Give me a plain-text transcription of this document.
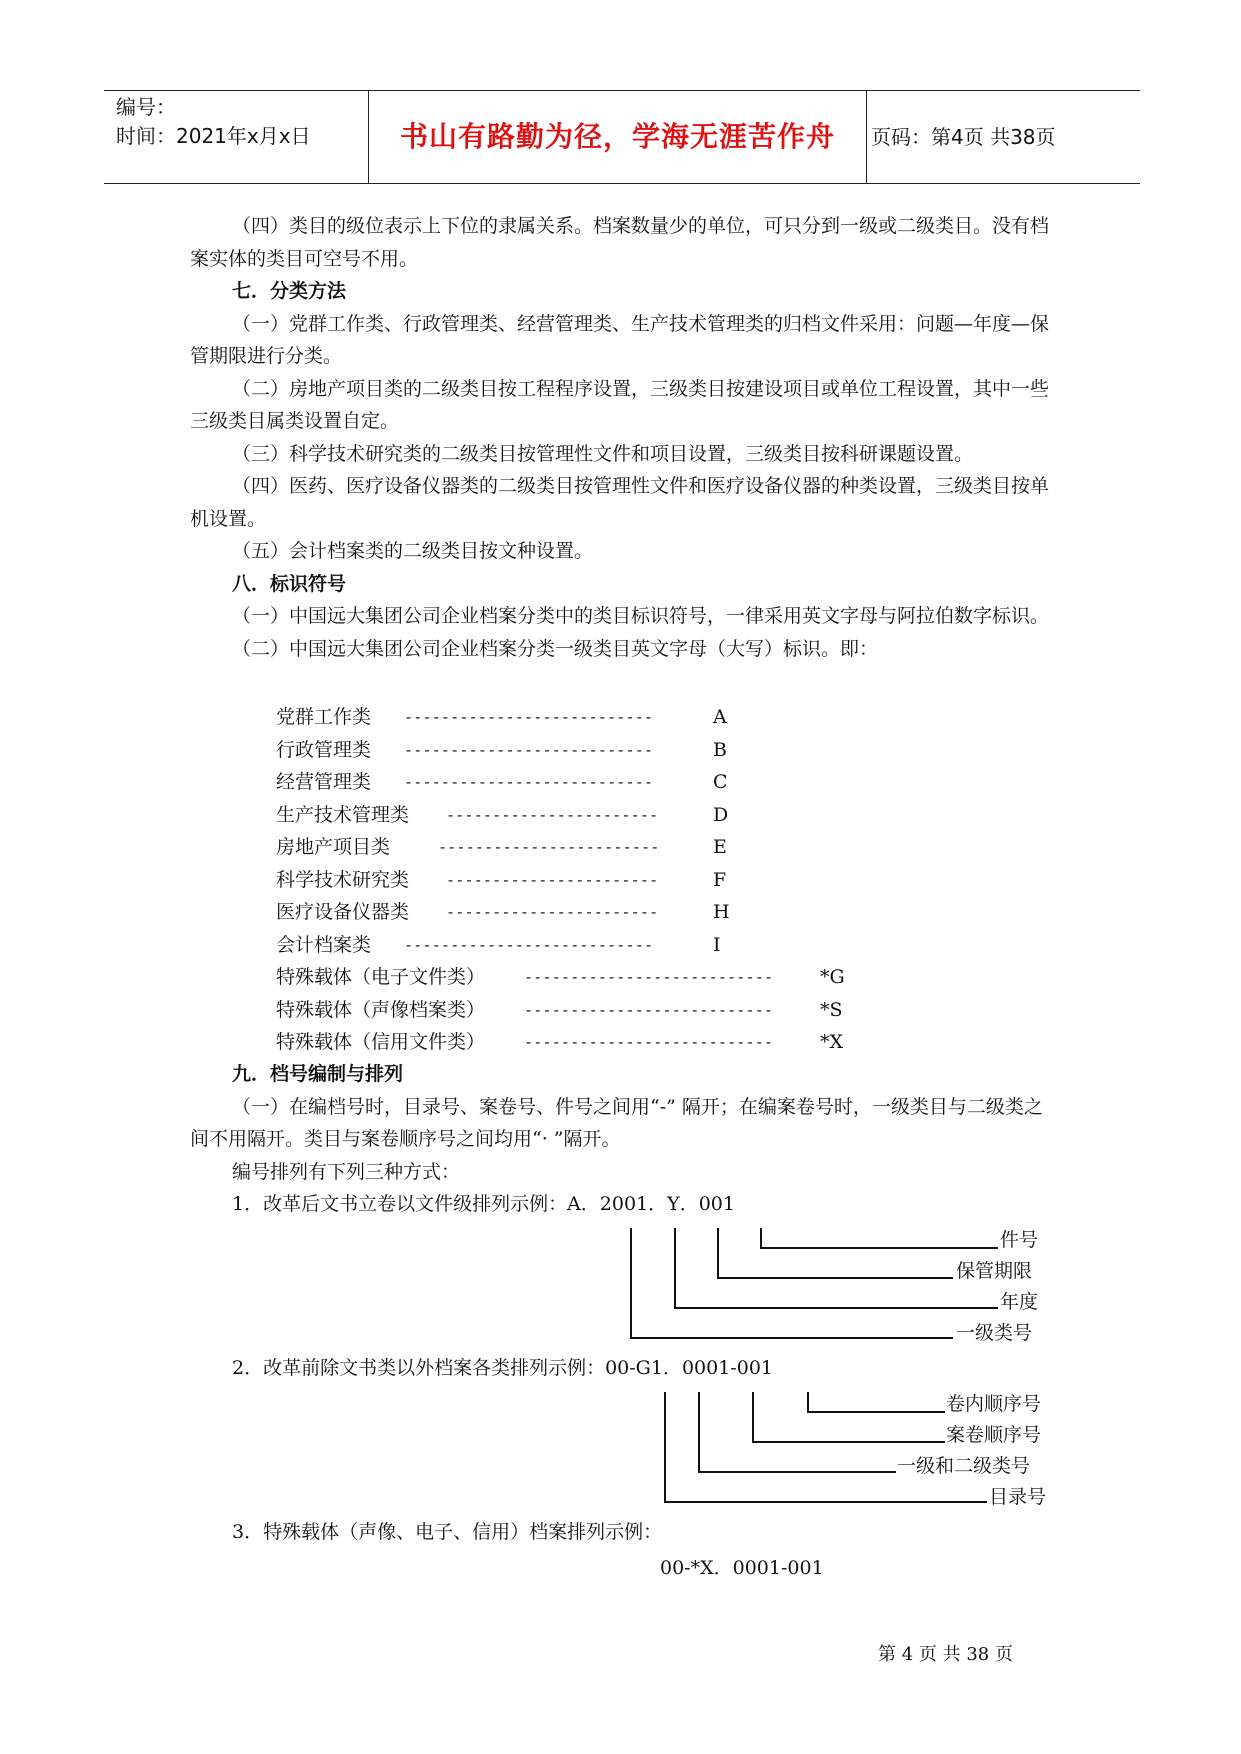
编号：
时间：2021年x月x日	书山有路勤为径，学海无涯苦作舟	页码：第4页 共38页

（四）类目的级位表示上下位的隶属关系。档案数量少的单位，可只分到一级或二级类目。没有档案实体的类目可空号不用。

七．分类方法

（一）党群工作类、行政管理类、经营管理类、生产技术管理类的归档文件采用：问题—年度—保管期限进行分类。

（二）房地产项目类的二级类目按工程程序设置，三级类目按建设项目或单位工程设置，其中一些三级类目属类设置自定。

（三）科学技术研究类的二级类目按管理性文件和项目设置，三级类目按科研课题设置。

（四）医药、医疗设备仪器类的二级类目按管理性文件和医疗设备仪器的种类设置，三级类目按单机设置。

（五）会计档案类的二级类目按文种设置。

八．标识符号

（一）中国远大集团公司企业档案分类中的类目标识符号，一律采用英文字母与阿拉伯数字标识。

（二）中国远大集团公司企业档案分类一级类目英文字母（大写）标识。即：

党群工作类 ---------------------------	A
行政管理类 ---------------------------	B
经营管理类 ---------------------------	C
生产技术管理类 -----------------------	D
房地产项目类	------------------------	E
科学技术研究类 -----------------------	F
医疗设备仪器类 -----------------------	H
会计档案类 ---------------------------	I
特殊载体（电子文件类）	--------------------------- *G
特殊载体（声像档案类）	--------------------------- *S
特殊载体（信用文件类）	--------------------------- *X

九．档号编制与排列

（一）在编档号时，目录号、案卷号、件号之间用“-” 隔开；在编案卷号时，一级类目与二级类之间不用隔开。类目与案卷顺序号之间均用“· ”隔开。

编号排列有下列三种方式：

1．改革后文书立卷以文件级排列示例：A．2001．Y．001
件号
保管期限
年度
一级类号
2．改革前除文书类以外档案各类排列示例：00-G1．0001-001
卷内顺序号
案卷顺序号
一级和二级类号
目录号
3．特殊载体（声像、电子、信用）档案排列示例：
00-*X．0001-001
第 4 页 共 38 页
